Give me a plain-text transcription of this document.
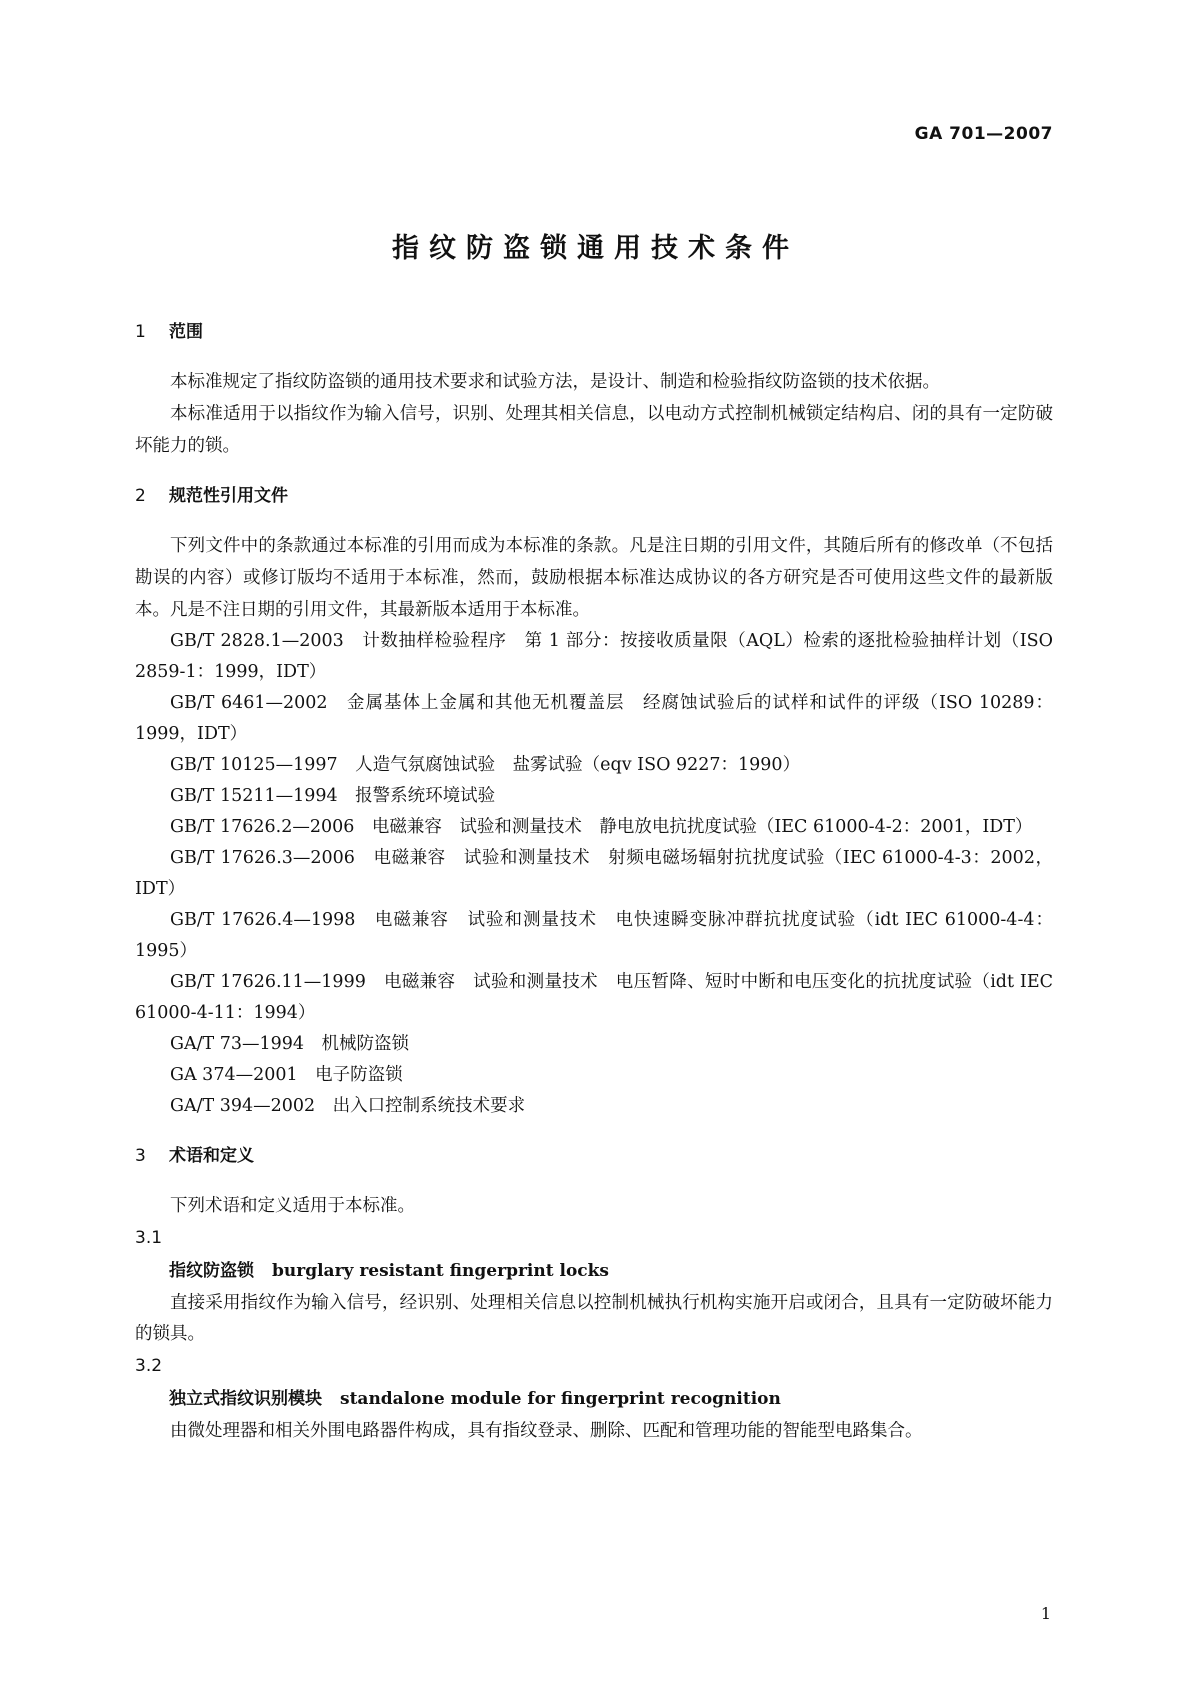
GA 701—2007
指纹防盗锁通用技术条件
1 范围

本标准规定了指纹防盗锁的通用技术要求和试验方法，是设计、制造和检验指纹防盗锁的技术依据。

本标准适用于以指纹作为输入信号，识别、处理其相关信息，以电动方式控制机械锁定结构启、闭的具有一定防破坏能力的锁。

2 规范性引用文件

下列文件中的条款通过本标准的引用而成为本标准的条款。凡是注日期的引用文件，其随后所有的修改单（不包括勘误的内容）或修订版均不适用于本标准，然而，鼓励根据本标准达成协议的各方研究是否可使用这些文件的最新版本。凡是不注日期的引用文件，其最新版本适用于本标准。

GB/T 2828.1—2003　计数抽样检验程序　第 1 部分：按接收质量限（AQL）检索的逐批检验抽样计划（ISO 2859-1：1999，IDT）

GB/T 6461—2002　金属基体上金属和其他无机覆盖层　经腐蚀试验后的试样和试件的评级（ISO 10289：1999，IDT）

GB/T 10125—1997　人造气氛腐蚀试验　盐雾试验（eqv ISO 9227：1990）

GB/T 15211—1994　报警系统环境试验

GB/T 17626.2—2006　电磁兼容　试验和测量技术　静电放电抗扰度试验（IEC 61000-4-2：2001，IDT）

GB/T 17626.3—2006　电磁兼容　试验和测量技术　射频电磁场辐射抗扰度试验（IEC 61000-4-3：2002，IDT）

GB/T 17626.4—1998　电磁兼容　试验和测量技术　电快速瞬变脉冲群抗扰度试验（idt IEC 61000-4-4：1995）

GB/T 17626.11—1999　电磁兼容　试验和测量技术　电压暂降、短时中断和电压变化的抗扰度试验（idt IEC 61000-4-11：1994）

GA/T 73—1994　机械防盗锁

GA 374—2001　电子防盗锁

GA/T 394—2002　出入口控制系统技术要求

3 术语和定义

下列术语和定义适用于本标准。

3.1
指纹防盗锁 burglary resistant fingerprint locks

直接采用指纹作为输入信号，经识别、处理相关信息以控制机械执行机构实施开启或闭合，且具有一定防破坏能力的锁具。

3.2
独立式指纹识别模块 standalone module for fingerprint recognition

由微处理器和相关外围电路器件构成，具有指纹登录、删除、匹配和管理功能的智能型电路集合。

1
